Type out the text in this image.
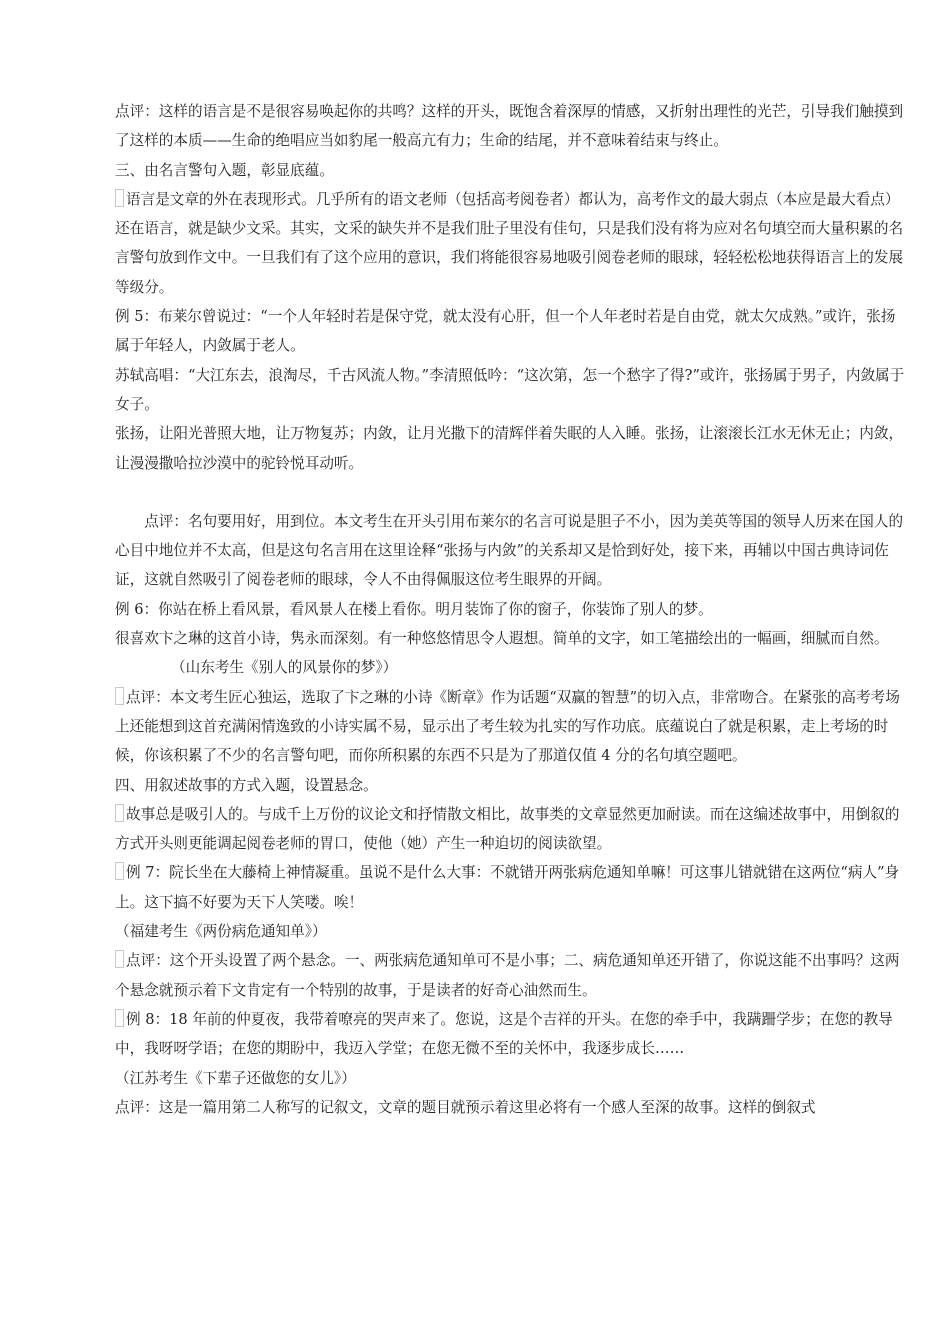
点评：这样的语言是不是很容易唤起你的共鸣？这样的开头，既饱含着深厚的情感，又折射出理性的光芒，引导我们触摸到了这样的本质——生命的绝唱应当如豹尾一般高亢有力；生命的结尾，并不意味着结束与终止。

三、由名言警句入题，彰显底蕴。

语言是文章的外在表现形式。几乎所有的语文老师（包括高考阅卷者）都认为，高考作文的最大弱点（本应是最大看点）还在语言，就是缺少文采。其实，文采的缺失并不是我们肚子里没有佳句，只是我们没有将为应对名句填空而大量积累的名言警句放到作文中。一旦我们有了这个应用的意识，我们将能很容易地吸引阅卷老师的眼球，轻轻松松地获得语言上的发展等级分。

例 5：布莱尔曾说过：“一个人年轻时若是保守党，就太没有心肝，但一个人年老时若是自由党，就太欠成熟。”或许，张扬属于年轻人，内敛属于老人。

苏轼高唱：“大江东去，浪淘尽，千古风流人物。”李清照低吟：“这次第，怎一个愁字了得?”或许，张扬属于男子，内敛属于女子。

张扬，让阳光普照大地，让万物复苏；内敛，让月光撒下的清辉伴着失眠的人入睡。张扬，让滚滚长江水无休无止；内敛，让漫漫撒哈拉沙漠中的驼铃悦耳动听。

点评：名句要用好，用到位。本文考生在开头引用布莱尔的名言可说是胆子不小，因为美英等国的领导人历来在国人的心目中地位并不太高，但是这句名言用在这里诠释“张扬与内敛”的关系却又是恰到好处，接下来，再辅以中国古典诗词佐证，这就自然吸引了阅卷老师的眼球，令人不由得佩服这位考生眼界的开阔。

例 6：你站在桥上看风景，看风景人在楼上看你。明月装饰了你的窗子，你装饰了别人的梦。

很喜欢卞之琳的这首小诗，隽永而深刻。有一种悠悠情思令人遐想。简单的文字，如工笔描绘出的一幅画，细腻而自然。（山东考生《别人的风景你的梦》）

点评：本文考生匠心独运，选取了卞之琳的小诗《断章》作为话题“双赢的智慧”的切入点，非常吻合。在紧张的高考考场上还能想到这首充满闲情逸致的小诗实属不易，显示出了考生较为扎实的写作功底。底蕴说白了就是积累，走上考场的时候，你该积累了不少的名言警句吧，而你所积累的东西不只是为了那道仅值 4 分的名句填空题吧。

四、用叙述故事的方式入题，设置悬念。

故事总是吸引人的。与成千上万份的议论文和抒情散文相比，故事类的文章显然更加耐读。而在这编述故事中，用倒叙的方式开头则更能调起阅卷老师的胃口，使他（她）产生一种迫切的阅读欲望。

例 7：院长坐在大藤椅上神情凝重。虽说不是什么大事：不就错开两张病危通知单嘛！可这事儿错就错在这两位“病人”身上。这下搞不好要为天下人笑喽。唉！

（福建考生《两份病危通知单》）

点评：这个开头设置了两个悬念。一、两张病危通知单可不是小事；二、病危通知单还开错了，你说这能不出事吗？这两个悬念就预示着下文肯定有一个特别的故事，于是读者的好奇心油然而生。

例 8：18 年前的仲夏夜，我带着嘹亮的哭声来了。您说，这是个吉祥的开头。在您的牵手中，我蹒跚学步；在您的教导中，我呀呀学语；在您的期盼中，我迈入学堂；在您无微不至的关怀中，我逐步成长……

（江苏考生《下辈子还做您的女儿》）

点评：这是一篇用第二人称写的记叙文，文章的题目就预示着这里必将有一个感人至深的故事。这样的倒叙式
